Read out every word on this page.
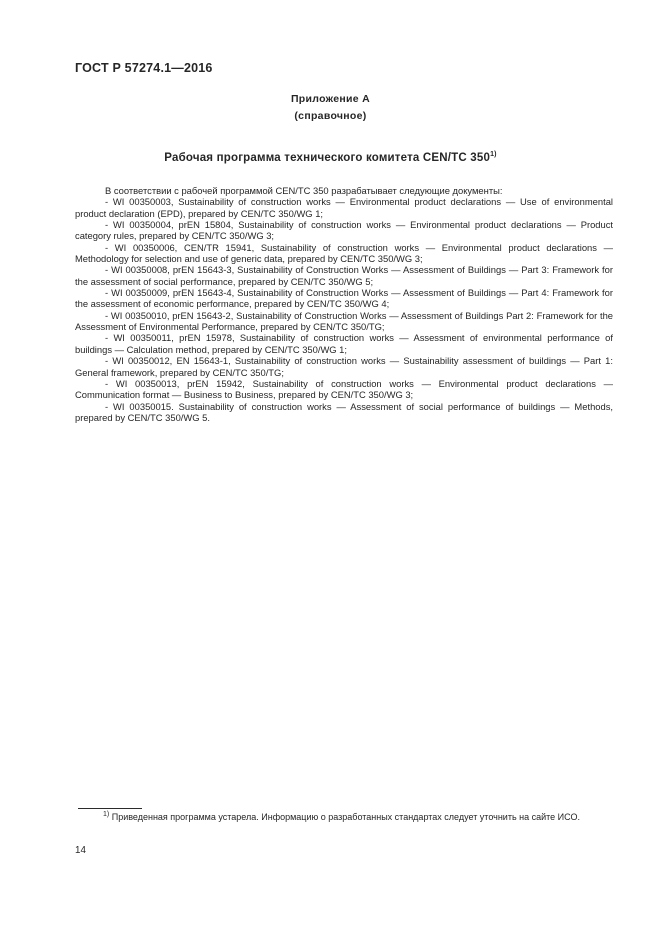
ГОСТ Р 57274.1—2016
Приложение А
(справочное)
Рабочая программа технического комитета CEN/TC 350$^{1)}$

В соответствии с рабочей программой CEN/TC 350 разрабатывает следующие документы:

- WI 00350003, Sustainability of construction works — Environmental product declarations — Use of environmental product declaration (EPD), prepared by CEN/TC 350/WG 1;

- WI 00350004, prEN 15804, Sustainability of construction works — Environmental product declarations — Product category rules, prepared by CEN/TC 350/WG 3;

- WI 00350006, CEN/TR 15941, Sustainability of construction works — Environmental product declarations — Methodology for selection and use of generic data, prepared by CEN/TC 350/WG 3;

- WI 00350008, prEN 15643-3, Sustainability of Construction Works — Assessment of Buildings — Part 3: Framework for the assessment of social performance, prepared by CEN/TC 350/WG 5;

- WI 00350009, prEN 15643-4, Sustainability of Construction Works — Assessment of Buildings — Part 4: Framework for the assessment of economic performance, prepared by CEN/TC 350/WG 4;

- WI 00350010, prEN 15643-2, Sustainability of Construction Works — Assessment of Buildings Part 2: Framework for the Assessment of Environmental Performance, prepared by CEN/TC 350/TG;

- WI 00350011, prEN 15978, Sustainability of construction works — Assessment of environmental performance of buildings — Calculation method, prepared by CEN/TC 350/WG 1;

- WI 00350012, EN 15643-1, Sustainability of construction works — Sustainability assessment of buildings — Part 1: General framework, prepared by CEN/TC 350/TG;

- WI 00350013, prEN 15942, Sustainability of construction works — Environmental product declarations — Communication format — Business to Business, prepared by CEN/TC 350/WG 3;

- WI 00350015. Sustainability of construction works — Assessment of social performance of buildings — Methods, prepared by CEN/TC 350/WG 5.

$^{1)}$ Приведенная программа устарела. Информацию о разработанных стандартах следует уточнить на сайте ИСО.

14
